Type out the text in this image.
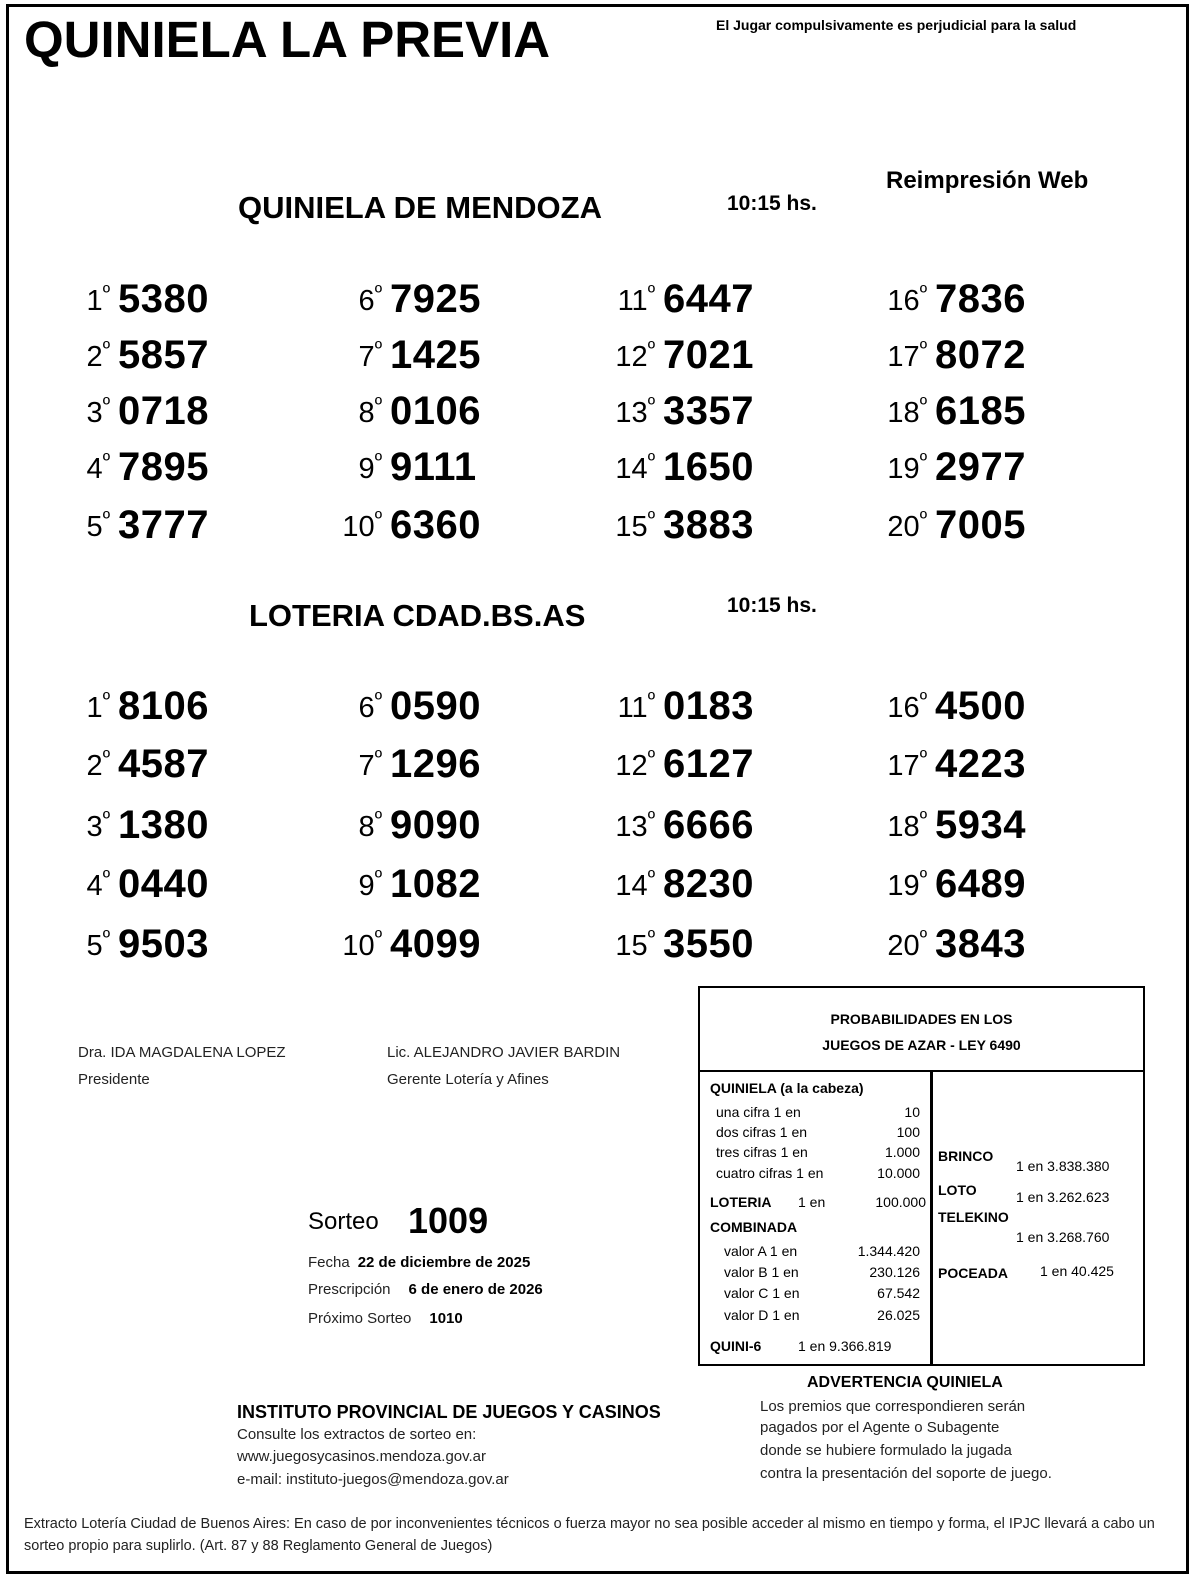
QUINIELA LA PREVIA	El Jugar compulsivamente es perjudicial para la salud
Reimpresión Web
QUINIELA DE MENDOZA	10:15 hs.
$1^º$ 5380
$2^º$ 5857
$3^º$ 0718
$4^º$ 7895
$5^º$ 3777
$6^º$ 7925
$7^º$ 1425
$8^º$ 0106
$9^º$ 9111
$10^º$ 6360
$11^º$ 6447
$12^º$ 7021
$13^º$ 3357
$14^º$ 1650
$15^º$ 3883
$16^º$ 7836
$17^º$ 8072
$18^º$ 6185
$19^º$ 2977
$20^º$ 7005
LOTERIA CDAD.BS.AS	10:15 hs.
$1^º$ 8106
$2^º$ 4587
$3^º$ 1380
$4^º$ 0440
$5^º$ 9503
$6^º$ 0590
$7^º$ 1296
$8^º$ 9090
$9^º$ 1082
$10^º$ 4099
$11^º$ 0183
$12^º$ 6127
$13^º$ 6666
$14^º$ 8230
$15^º$ 3550
$16^º$ 4500
$17^º$ 4223
$18^º$ 5934
$19^º$ 6489
$20^º$ 3843
Dra. IDA MAGDALENA LOPEZ
Presidente
Lic. ALEJANDRO JAVIER BARDIN
Gerente Lotería y Afines
Sorteo 1009
Fecha 22 de diciembre de 2025
Prescripción 6 de enero de 2026
Próximo Sorteo 1010
PROBABILIDADES EN LOS
JUEGOS DE AZAR - LEY 6490
QUINIELA (a la cabeza)
una cifra 1 en	10
dos cifras 1 en	100
tres cifras 1 en	1.000
cuatro cifras 1 en	10.000
LOTERIA 1 en	100.000
COMBINADA
valor A 1 en	1.344.420
valor B 1 en	230.126
valor C 1 en	67.542
valor D 1 en	26.025
QUINI-6	1 en 9.366.819
BRINCO
1 en 3.838.380
LOTO	1 en 3.262.623
TELEKINO
1 en 3.268.760
POCEADA 1 en 40.425
ADVERTENCIA QUINIELA
Los premios que correspondieren serán
pagados por el Agente o Subagente
donde se hubiere formulado la jugada
contra la presentación del soporte de juego.
INSTITUTO PROVINCIAL DE JUEGOS Y CASINOS
Consulte los extractos de sorteo en:
www.juegosycasinos.mendoza.gov.ar
e-mail: instituto-juegos@mendoza.gov.ar
Extracto Lotería Ciudad de Buenos Aires: En caso de por inconvenientes técnicos o fuerza mayor no sea posible acceder al mismo en tiempo y forma, el IPJC llevará a cabo un sorteo propio para suplirlo. (Art. 87 y 88 Reglamento General de Juegos)
